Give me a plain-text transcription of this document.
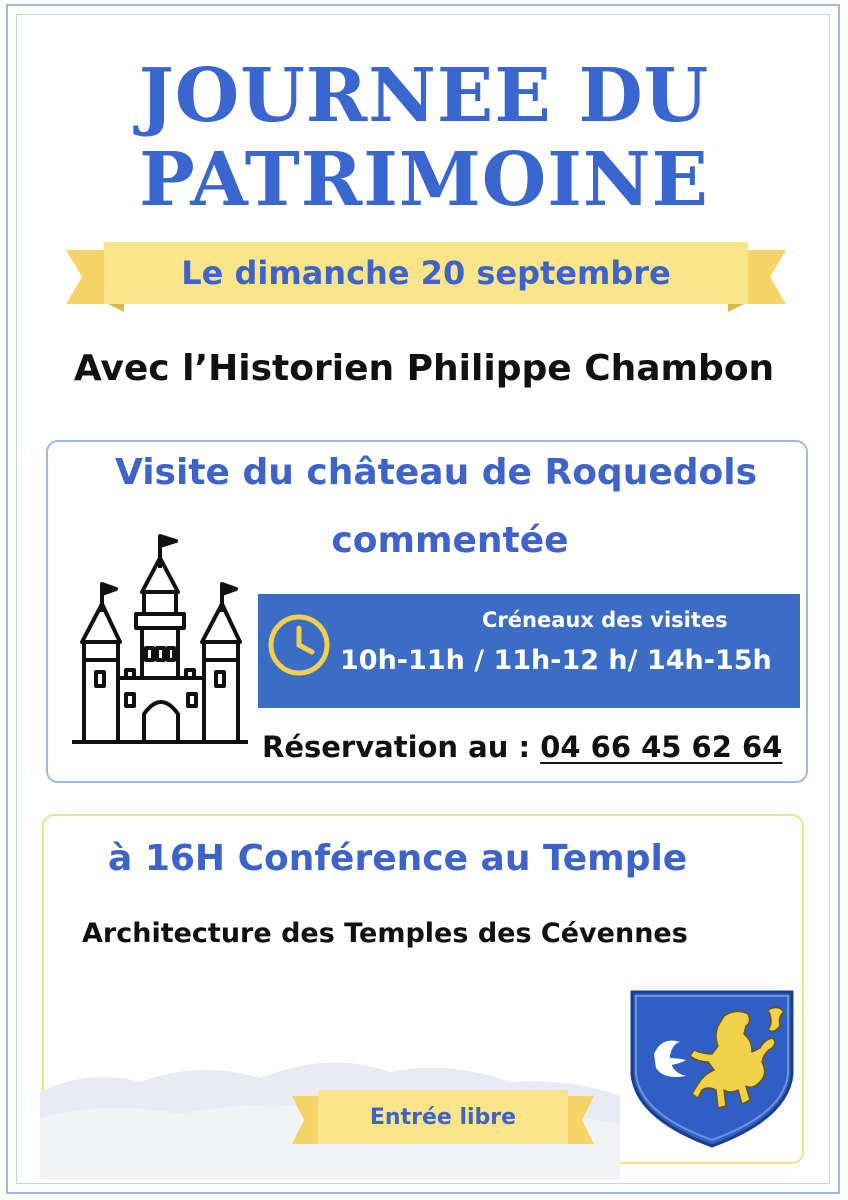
JOURNEE DU
PATRIMOINE
Le dimanche 20 septembre
Avec l’Historien Philippe Chambon
Visite du château de Roquedols
commentée
Créneaux des visites
10h-11h / 11h-12 h/ 14h-15h
Réservation au : 04 66 45 62 64
à 16H Conférence au Temple
Architecture des Temples des Cévennes
Entrée libre
